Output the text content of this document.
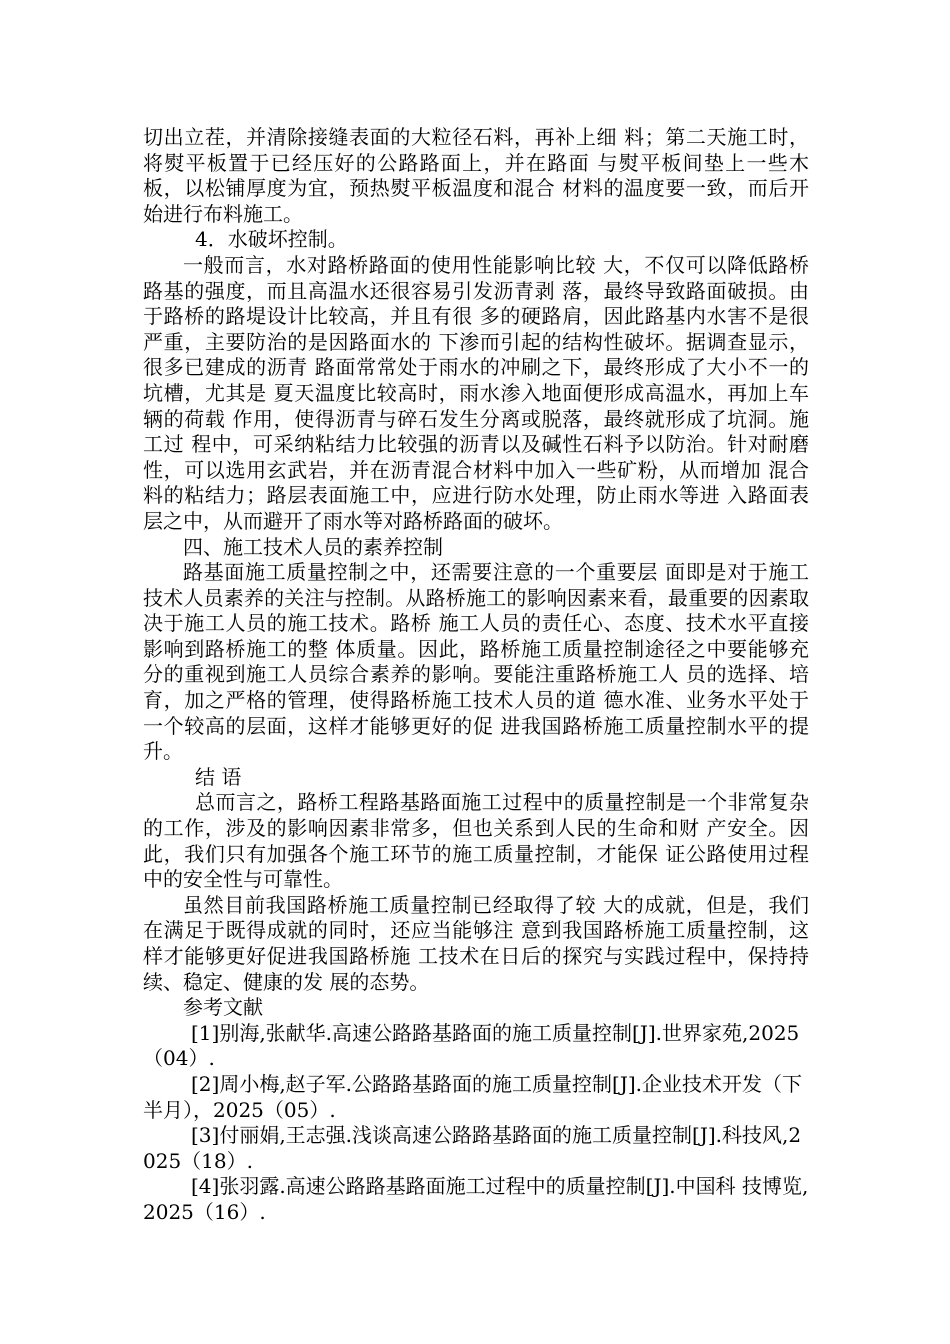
切出立茬，并清除接缝表面的大粒径石料，再补上细 料；第二天施工时，将熨平板置于已经压好的公路路面上，并在路面 与熨平板间垫上一些木板，以松铺厚度为宜，预热熨平板温度和混合 材料的温度要一致，而后开始进行布料施工。

4．水破坏控制。

一般而言，水对路桥路面的使用性能影响比较 大，不仅可以降低路桥路基的强度，而且高温水还很容易引发沥青剥 落，最终导致路面破损。由于路桥的路堤设计比较高，并且有很 多的硬路肩，因此路基内水害不是很严重，主要防治的是因路面水的 下渗而引起的结构性破坏。据调查显示，很多已建成的沥青 路面常常处于雨水的冲刷之下，最终形成了大小不一的坑槽，尤其是 夏天温度比较高时，雨水渗入地面便形成高温水，再加上车辆的荷载 作用，使得沥青与碎石发生分离或脱落，最终就形成了坑洞。施工过 程中，可采纳粘结力比较强的沥青以及碱性石料予以防治。针对耐磨 性，可以选用玄武岩，并在沥青混合材料中加入一些矿粉，从而增加 混合料的粘结力；路层表面施工中，应进行防水处理，防止雨水等进 入路面表层之中，从而避开了雨水等对路桥路面的破坏。

四、施工技术人员的素养控制

路基面施工质量控制之中，还需要注意的一个重要层 面即是对于施工技术人员素养的关注与控制。从路桥施工的影响因素来看，最重要的因素取决于施工人员的施工技术。路桥 施工人员的责任心、态度、技术水平直接影响到路桥施工的整 体质量。因此，路桥施工质量控制途径之中要能够充 分的重视到施工人员综合素养的影响。要能注重路桥施工人 员的选择、培育，加之严格的管理，使得路桥施工技术人员的道 德水准、业务水平处于一个较高的层面，这样才能够更好的促 进我国路桥施工质量控制水平的提升。

结 语

总而言之，路桥工程路基路面施工过程中的质量控制是一个非常复杂的工作，涉及的影响因素非常多，但也关系到人民的生命和财 产安全。因此，我们只有加强各个施工环节的施工质量控制，才能保 证公路使用过程中的安全性与可靠性。

虽然目前我国路桥施工质量控制已经取得了较 大的成就，但是，我们在满足于既得成就的同时，还应当能够注 意到我国路桥施工质量控制，这样才能够更好促进我国路桥施 工技术在日后的探究与实践过程中，保持持续、稳定、健康的发 展的态势。

参考文献

[1]别海,张献华.高速公路路基路面的施工质量控制[J].世界家苑,2025（04）.

[2]周小梅,赵子军.公路路基路面的施工质量控制[J].企业技术开发（下半月），2025（05）.

[3]付丽娟,王志强.浅谈高速公路路基路面的施工质量控制[J].科技风,2025（18）.

[4]张羽露.高速公路路基路面施工过程中的质量控制[J].中国科 技博览,2025（16）.
